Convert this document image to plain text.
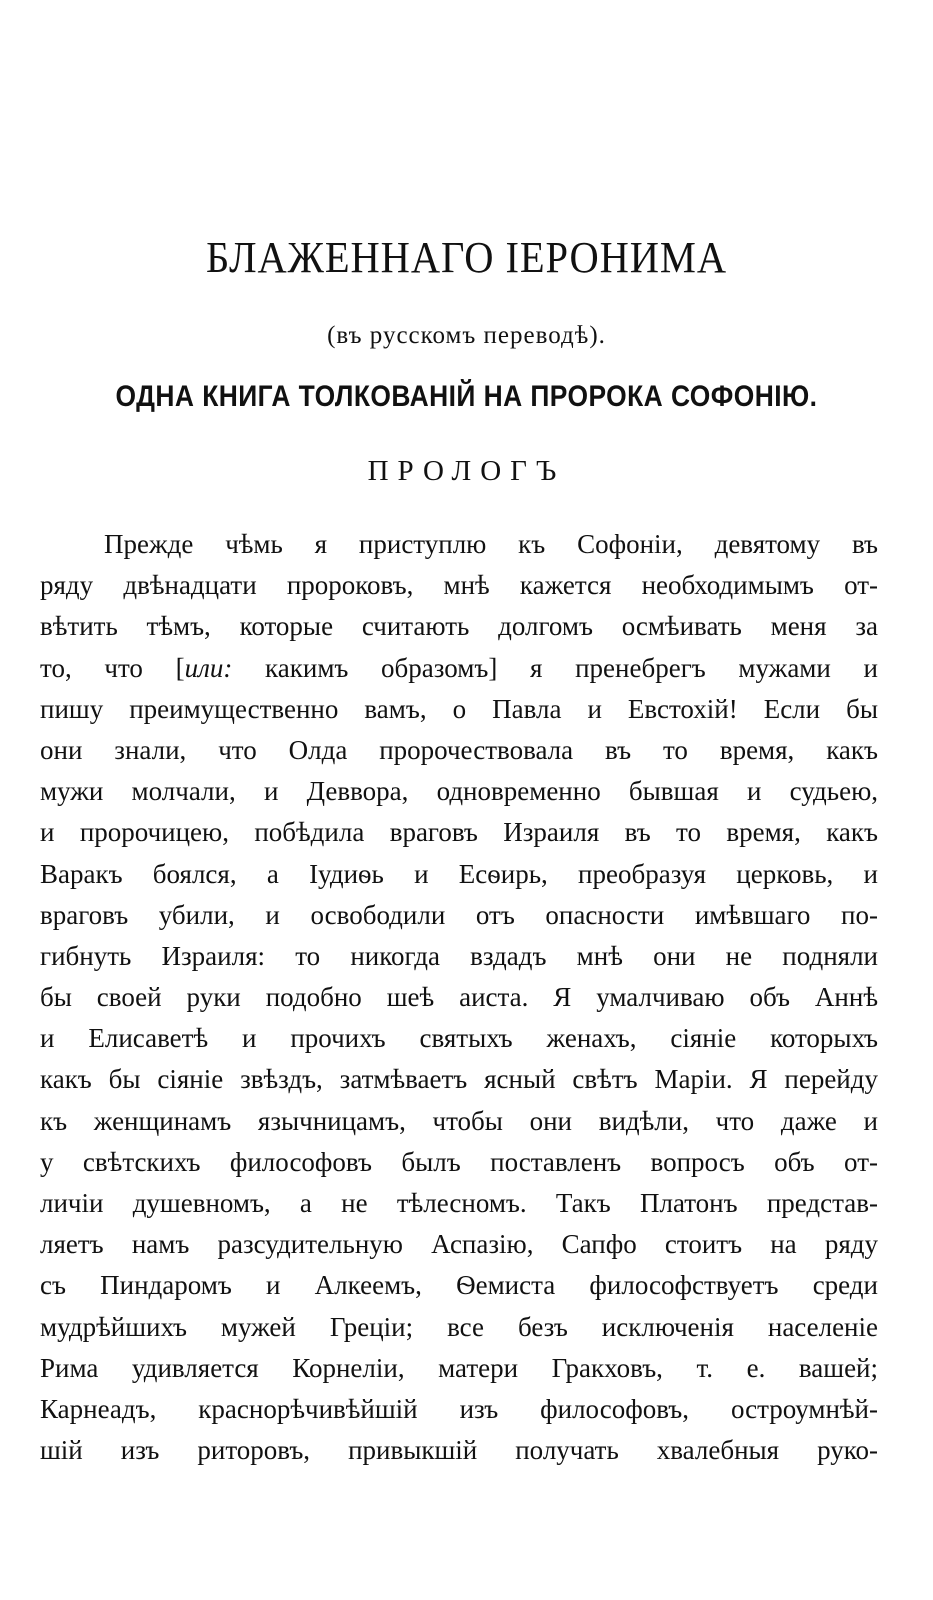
БЛАЖЕННАГО ІЕРОНИМА
(въ русскомъ переводѣ).
ОДНА КНИГА ТОЛКОВАНІЙ НА ПРОРОКА СОФОНІЮ.
ПРОЛОГЪ
Прежде чѣмь я приступлю къ Софоніи, девятому въ
ряду двѣнадцати пророковъ, мнѣ кажется необходимымъ от-
вѣтить тѣмъ, которые считають долгомъ осмѣивать меня за
то, что [или: какимъ образомъ] я пренебрегъ мужами и
пишу преимущественно вамъ, о Павла и Евстохій! Если бы
они знали, что Олда пророчествовала въ то время, какъ
мужи молчали, и Деввора, одновременно бывшая и судьею,
и пророчицею, побѣдила враговъ Израиля въ то время, какъ
Варакъ боялся, а Іудиѳь и Есѳирь, преобразуя церковь, и
враговъ убили, и освободили отъ опасности имѣвшаго по-
гибнуть Израиля: то никогда вздадъ мнѣ они не подняли
бы своей руки подобно шеѣ аиста. Я умалчиваю объ Аннѣ
и Елисаветѣ и прочихъ святыхъ женахъ, сіяніе которыхъ
какъ бы сіяніе звѣздъ, затмѣваетъ ясный свѣтъ Маріи. Я перейду
къ женщинамъ язычницамъ, чтобы они видѣли, что даже и
у свѣтскихъ философовъ былъ поставленъ вопросъ объ от-
личіи душевномъ, а не тѣлесномъ. Такъ Платонъ представ-
ляетъ намъ разсудительную Аспазію, Сапфо стоитъ на ряду
съ Пиндаромъ и Алкеемъ, Ѳемиста философствуетъ среди
мудрѣйшихъ мужей Греціи; все безъ исключенія населеніе
Рима удивляется Корнеліи, матери Гракховъ, т. е. вашей;
Карнеадъ, краснорѣчивѣйшій изъ философовъ, остроумнѣй-
шій изъ риторовъ, привыкшій получать хвалебныя руко-
